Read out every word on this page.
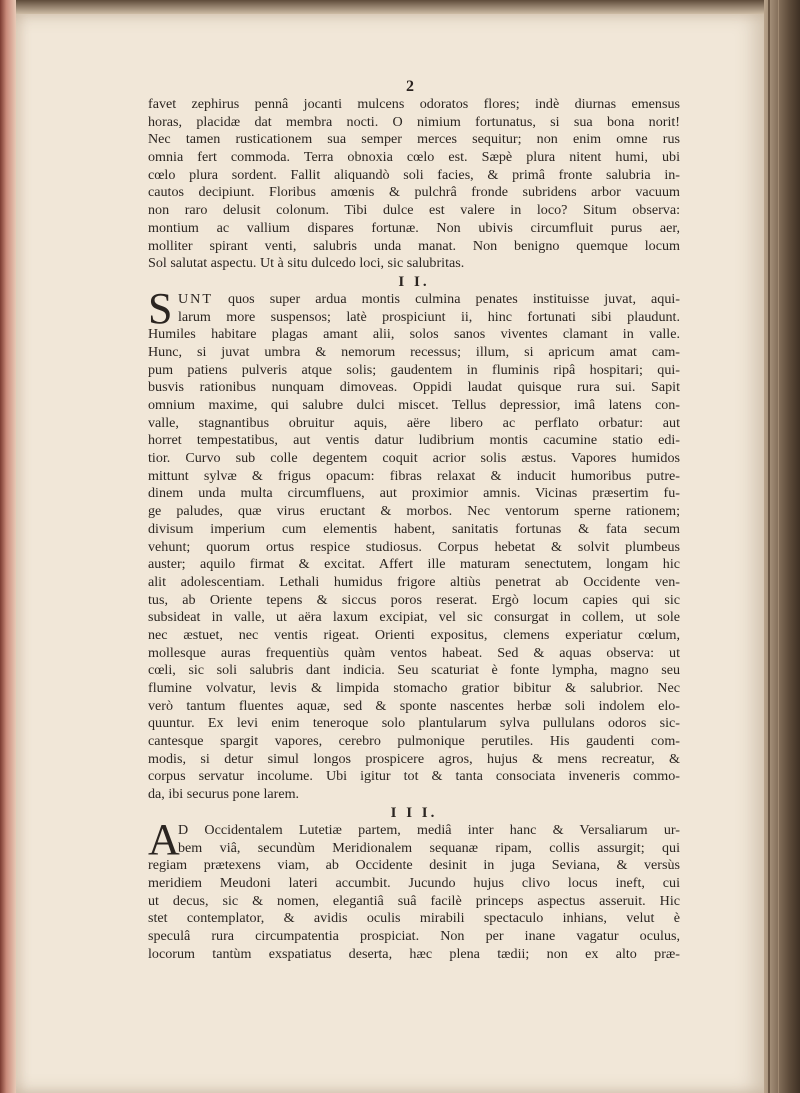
2
favet zephirus pennâ jocanti mulcens odoratos flores; indè diurnas emensus
horas, placidæ dat membra nocti. O nimium fortunatus, si sua bona norit!
Nec tamen rusticationem sua semper merces sequitur; non enim omne rus
omnia fert commoda. Terra obnoxia cœlo est. Sæpè plura nitent humi, ubi
cœlo plura sordent. Fallit aliquandò soli facies, & primâ fronte salubria in-
cautos decipiunt. Floribus amœnis & pulchrâ fronde subridens arbor vacuum
non raro delusit colonum. Tibi dulce est valere in loco? Situm observa:
montium ac vallium dispares fortunæ. Non ubivis circumfluit purus aer,
molliter spirant venti, salubris unda manat. Non benigno quemque locum
Sol salutat aspectu. Ut à situ dulcedo loci, sic salubritas.
I I.
S UNT quos super ardua montis culmina penates instituisse juvat, aqui-
larum more suspensos; latè prospiciunt ii, hinc fortunati sibi plaudunt.
Humiles habitare plagas amant alii, solos sanos viventes clamant in valle.
Hunc, si juvat umbra & nemorum recessus; illum, si apricum amat cam-
pum patiens pulveris atque solis; gaudentem in fluminis ripâ hospitari; qui-
busvis rationibus nunquam dimoveas. Oppidi laudat quisque rura sui. Sapit
omnium maxime, qui salubre dulci miscet. Tellus depressior, imâ latens con-
valle, stagnantibus obruitur aquis, aëre libero ac perflato orbatur: aut
horret tempestatibus, aut ventis datur ludibrium montis cacumine statio edi-
tior. Curvo sub colle degentem coquit acrior solis æstus. Vapores humidos
mittunt sylvæ & frigus opacum: fibras relaxat & inducit humoribus putre-
dinem unda multa circumfluens, aut proximior amnis. Vicinas præsertim fu-
ge paludes, quæ virus eructant & morbos. Nec ventorum sperne rationem;
divisum imperium cum elementis habent, sanitatis fortunas & fata secum
vehunt; quorum ortus respice studiosus. Corpus hebetat & solvit plumbeus
auster; aquilo firmat & excitat. Affert ille maturam senectutem, longam hic
alit adolescentiam. Lethali humidus frigore altiùs penetrat ab Occidente ven-
tus, ab Oriente tepens & siccus poros reserat. Ergò locum capies qui sic
subsideat in valle, ut aëra laxum excipiat, vel sic consurgat in collem, ut sole
nec æstuet, nec ventis rigeat. Orienti expositus, clemens experiatur cœlum,
mollesque auras frequentiùs quàm ventos habeat. Sed & aquas observa: ut
cœli, sic soli salubris dant indicia. Seu scaturiat è fonte lympha, magno seu
flumine volvatur, levis & limpida stomacho gratior bibitur & salubrior. Nec
verò tantum fluentes aquæ, sed & sponte nascentes herbæ soli indolem elo-
quuntur. Ex levi enim teneroque solo plantularum sylva pullulans odoros sic-
cantesque spargit vapores, cerebro pulmonique perutiles. His gaudenti com-
modis, si detur simul longos prospicere agros, hujus & mens recreatur, &
corpus servatur incolume. Ubi igitur tot & tanta consociata inveneris commo-
da, ibi securus pone larem.
I I I.
A
D Occidentalem Lutetiæ partem, mediâ inter hanc & Versaliarum ur-
bem viâ, secundùm Meridionalem sequanæ ripam, collis assurgit; qui
regiam prætexens viam, ab Occidente desinit in juga Seviana, & versùs
meridiem Meudoni lateri accumbit. Jucundo hujus clivo locus ineft, cui
ut decus, sic & nomen, elegantiâ suâ facilè princeps aspectus asseruit. Hic
stet contemplator, & avidis oculis mirabili spectaculo inhians, velut è
speculâ rura circumpatentia prospiciat. Non per inane vagatur oculus,
locorum tantùm exspatiatus deserta, hæc plena tædii; non ex alto præ-
